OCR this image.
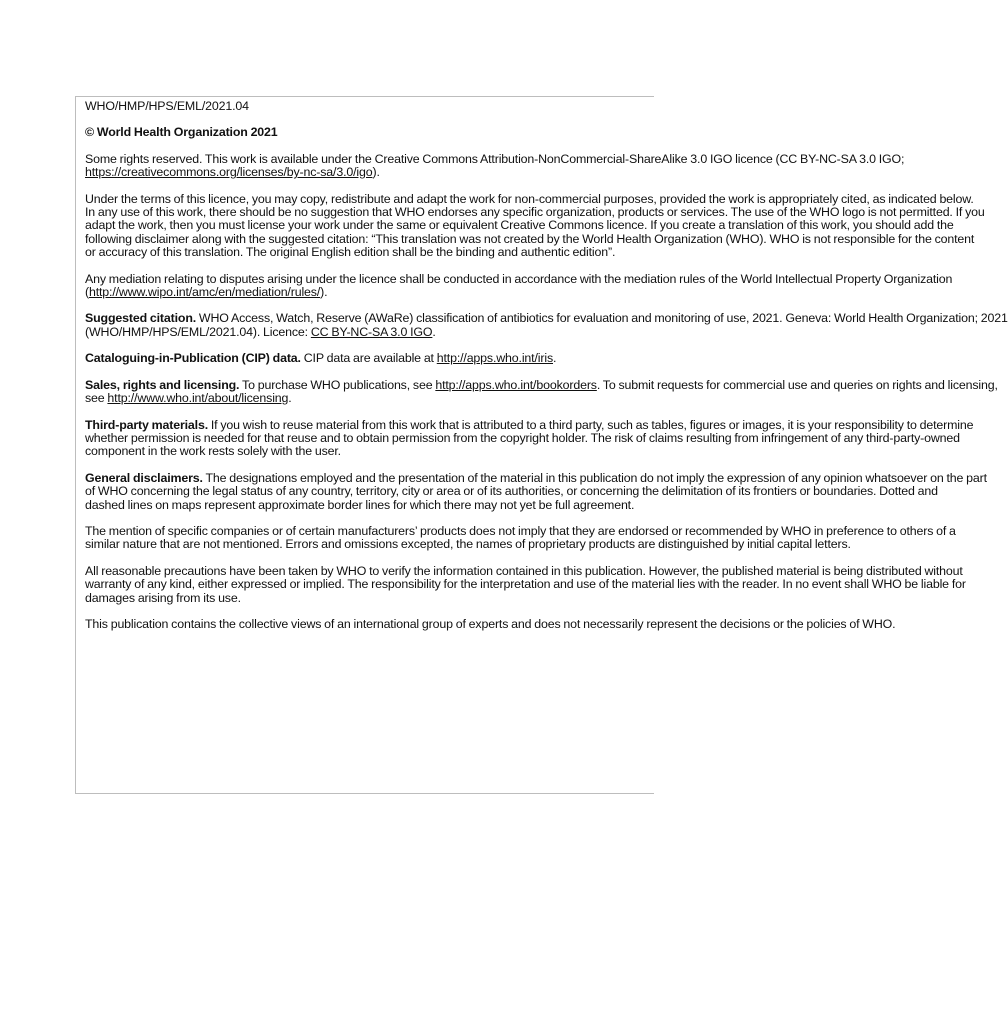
WHO/HMP/HPS/EML/2021.04
© World Health Organization 2021
Some rights reserved. This work is available under the Creative Commons Attribution-NonCommercial-ShareAlike 3.0 IGO licence (CC BY-NC-SA 3.0 IGO;
https://creativecommons.org/licenses/by-nc-sa/3.0/igo).
Under the terms of this licence, you may copy, redistribute and adapt the work for non-commercial purposes, provided the work is appropriately cited, as indicated below.
In any use of this work, there should be no suggestion that WHO endorses any specific organization, products or services. The use of the WHO logo is not permitted. If you
adapt the work, then you must license your work under the same or equivalent Creative Commons licence. If you create a translation of this work, you should add the
following disclaimer along with the suggested citation: “This translation was not created by the World Health Organization (WHO). WHO is not responsible for the content
or accuracy of this translation. The original English edition shall be the binding and authentic edition”.
Any mediation relating to disputes arising under the licence shall be conducted in accordance with the mediation rules of the World Intellectual Property Organization
(http://www.wipo.int/amc/en/mediation/rules/).
Suggested citation. WHO Access, Watch, Reserve (AWaRe) classification of antibiotics for evaluation and monitoring of use, 2021. Geneva: World Health Organization; 2021
(WHO/HMP/HPS/EML/2021.04). Licence: CC BY-NC-SA 3.0 IGO.
Cataloguing-in-Publication (CIP) data. CIP data are available at http://apps.who.int/iris.
Sales, rights and licensing. To purchase WHO publications, see http://apps.who.int/bookorders. To submit requests for commercial use and queries on rights and licensing,
see http://www.who.int/about/licensing.
Third-party materials. If you wish to reuse material from this work that is attributed to a third party, such as tables, figures or images, it is your responsibility to determine
whether permission is needed for that reuse and to obtain permission from the copyright holder. The risk of claims resulting from infringement of any third-party-owned
component in the work rests solely with the user.
General disclaimers. The designations employed and the presentation of the material in this publication do not imply the expression of any opinion whatsoever on the part
of WHO concerning the legal status of any country, territory, city or area or of its authorities, or concerning the delimitation of its frontiers or boundaries. Dotted and
dashed lines on maps represent approximate border lines for which there may not yet be full agreement.
The mention of specific companies or of certain manufacturers’ products does not imply that they are endorsed or recommended by WHO in preference to others of a
similar nature that are not mentioned. Errors and omissions excepted, the names of proprietary products are distinguished by initial capital letters.
All reasonable precautions have been taken by WHO to verify the information contained in this publication. However, the published material is being distributed without
warranty of any kind, either expressed or implied. The responsibility for the interpretation and use of the material lies with the reader. In no event shall WHO be liable for
damages arising from its use.
This publication contains the collective views of an international group of experts and does not necessarily represent the decisions or the policies of WHO.
